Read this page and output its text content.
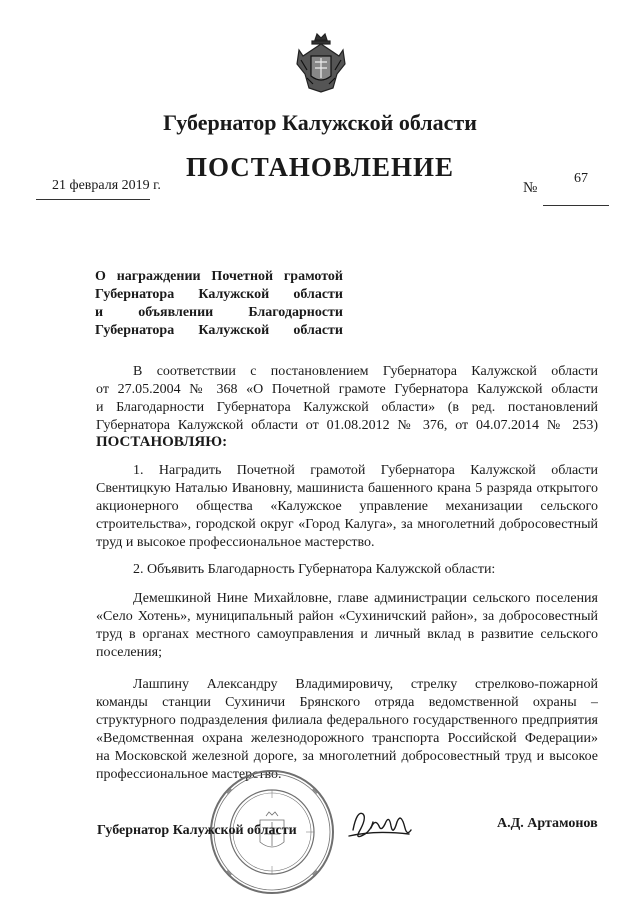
Губернатор Калужской области
ПОСТАНОВЛЕНИЕ
21 февраля 2019 г.	№
67
О награждении Почетной грамотой
Губернатора Калужской области
и объявлении Благодарности
Губернатора Калужской области
В соответствии с постановлением Губернатора Калужской области
от 27.05.2004 № 368 «О Почетной грамоте Губернатора Калужской области
и Благодарности Губернатора Калужской области» (в ред. постановлений
Губернатора Калужской области от 01.08.2012 № 376, от 04.07.2014 № 253)
ПОСТАНОВЛЯЮ:
1. Наградить Почетной грамотой Губернатора Калужской области
Свентицкую Наталью Ивановну, машиниста башенного крана 5 разряда открытого
акционерного общества «Калужское управление механизации сельского
строительства», городской округ «Город Калуга», за многолетний добросовестный
труд и высокое профессиональное мастерство.
2. Объявить Благодарность Губернатора Калужской области:
Демешкиной Нине Михайловне, главе администрации сельского поселения
«Село Хотень», муниципальный район «Сухиничский район», за добросовестный
труд в органах местного самоуправления и личный вклад в развитие сельского
поселения;
Лашпину Александру Владимировичу, стрелку стрелково-пожарной
команды станции Сухиничи Брянского отряда ведомственной охраны –
структурного подразделения филиала федерального государственного предприятия
«Ведомственная охрана железнодорожного транспорта Российской Федерации»
на Московской железной дороге, за многолетний добросовестный труд и высокое
профессиональное мастерство.
Губернатор Калужской области	А.Д. Артамонов
